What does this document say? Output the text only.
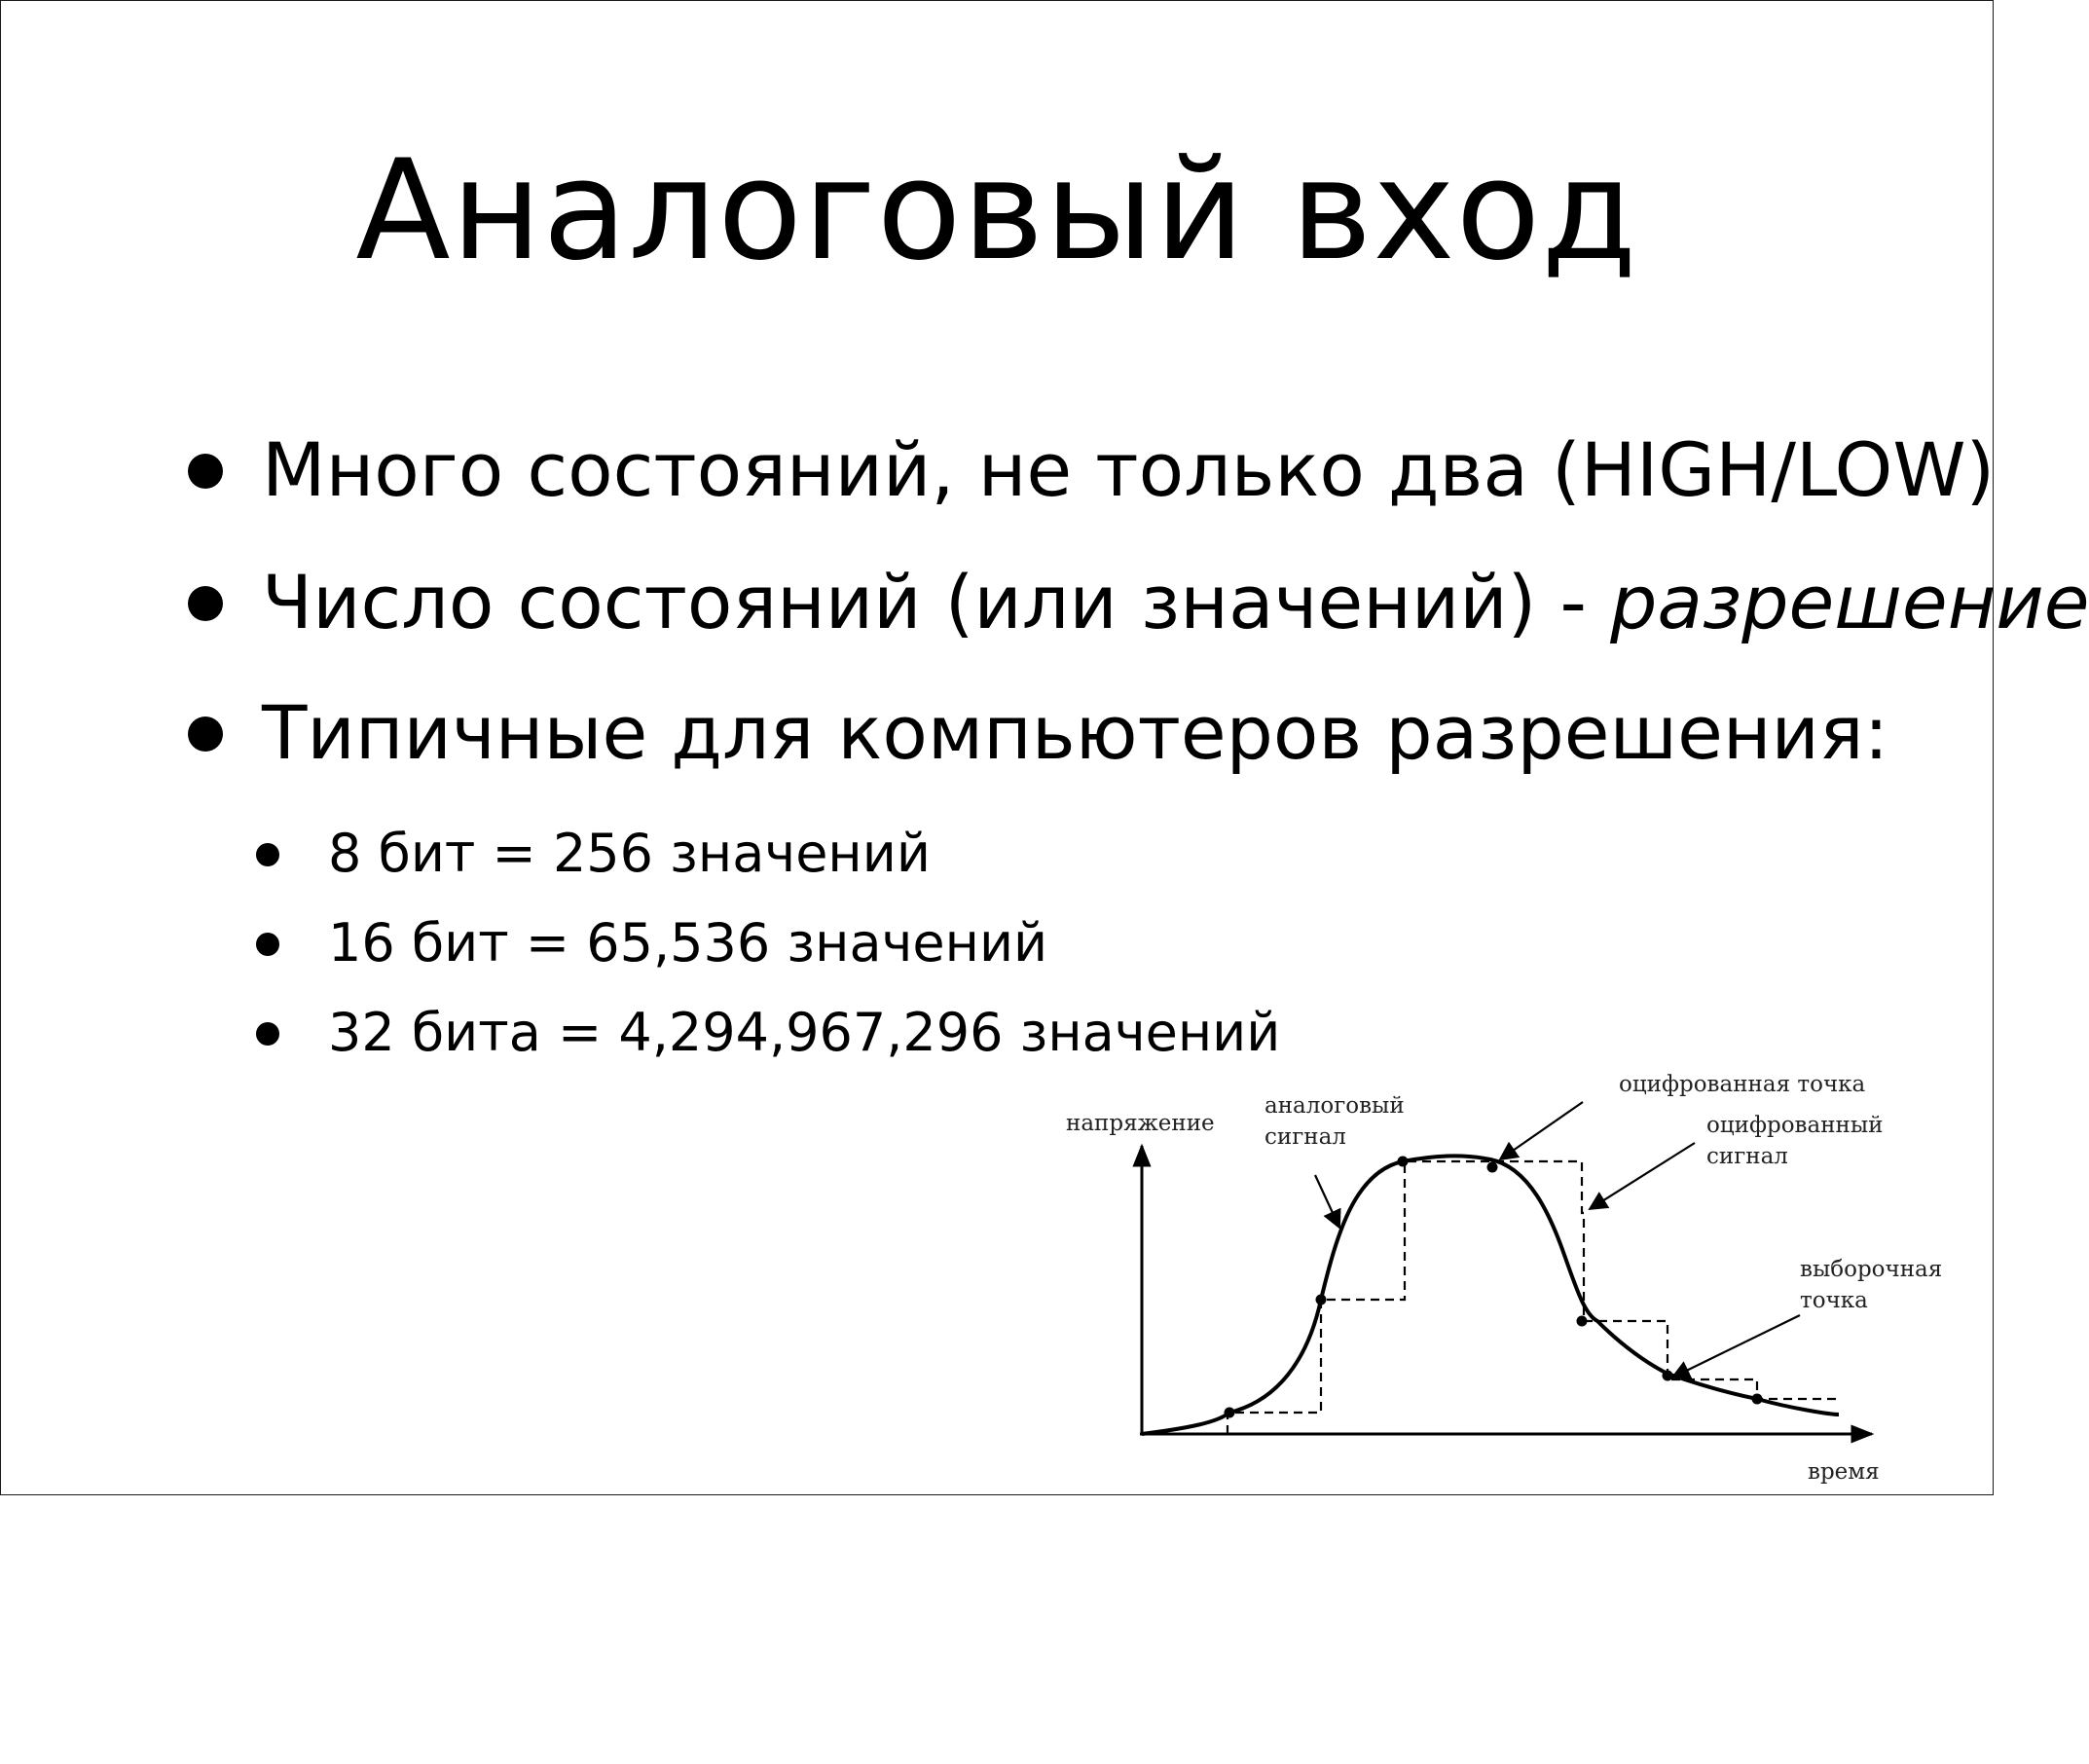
Аналоговый вход
Много состояний, не только два (HIGH/LOW)
Число состояний (или значений) - разрешение
Типичные для компьютеров разрешения:
8 бит = 256 значений
16 бит = 65,536 значений
32 бита = 4,294,967,296 значений
напряжение
время
аналоговый
сигнал
оцифрованная точка
оцифрованный
сигнал
выборочная
точка
